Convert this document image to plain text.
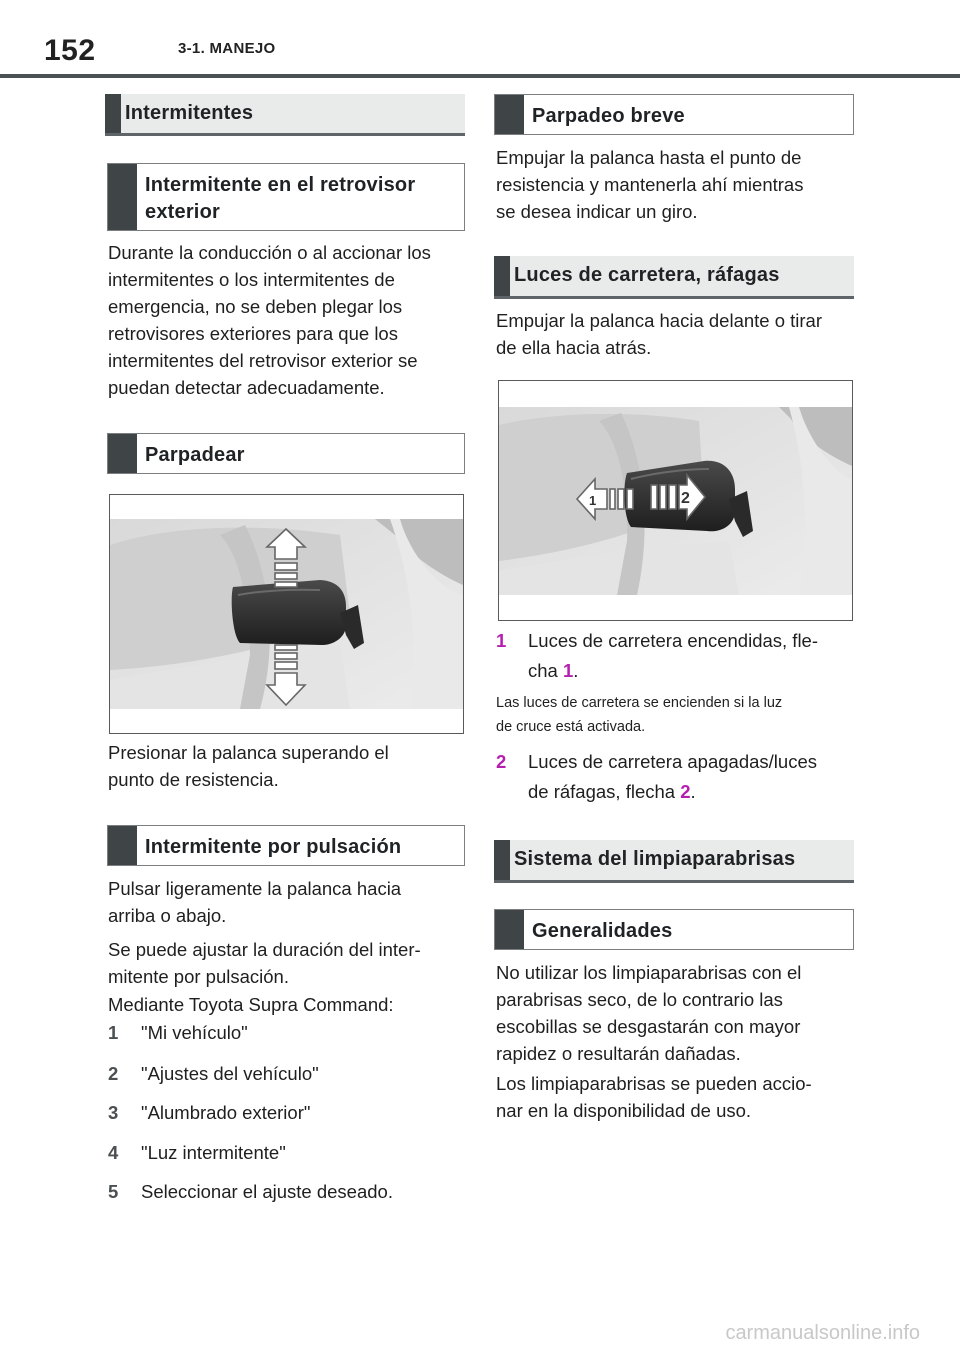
152	3-1. MANEJO
Intermitentes
Intermitente en el retrovisor exterior
Durante la conducción o al accionar los
intermitentes o los intermitentes de
emergencia, no se deben plegar los
retrovisores exteriores para que los
intermitentes del retrovisor exterior se
puedan detectar adecuadamente.
Parpadear
Presionar la palanca superando el
punto de resistencia.
Intermitente por pulsación
Pulsar ligeramente la palanca hacia
arriba o abajo.
Se puede ajustar la duración del inter-
mitente por pulsación.
Mediante Toyota Supra Command:
1 "Mi vehículo"
2 "Ajustes del vehículo"
3 "Alumbrado exterior"
4 "Luz intermitente"
5 Seleccionar el ajuste deseado.
Parpadeo breve
Empujar la palanca hasta el punto de
resistencia y mantenerla ahí mientras
se desea indicar un giro.
Luces de carretera, ráfagas
Empujar la palanca hacia delante o tirar
de ella hacia atrás.
1	2
1 Luces de carretera encendidas, fle-
cha 1.
Las luces de carretera se encienden si la luz
de cruce está activada.
2 Luces de carretera apagadas/luces
de ráfagas, flecha 2.
Sistema del limpiaparabrisas
Generalidades
No utilizar los limpiaparabrisas con el
parabrisas seco, de lo contrario las
escobillas se desgastarán con mayor
rapidez o resultarán dañadas.
Los limpiaparabrisas se pueden accio-
nar en la disponibilidad de uso.
carmanualsonline.info
